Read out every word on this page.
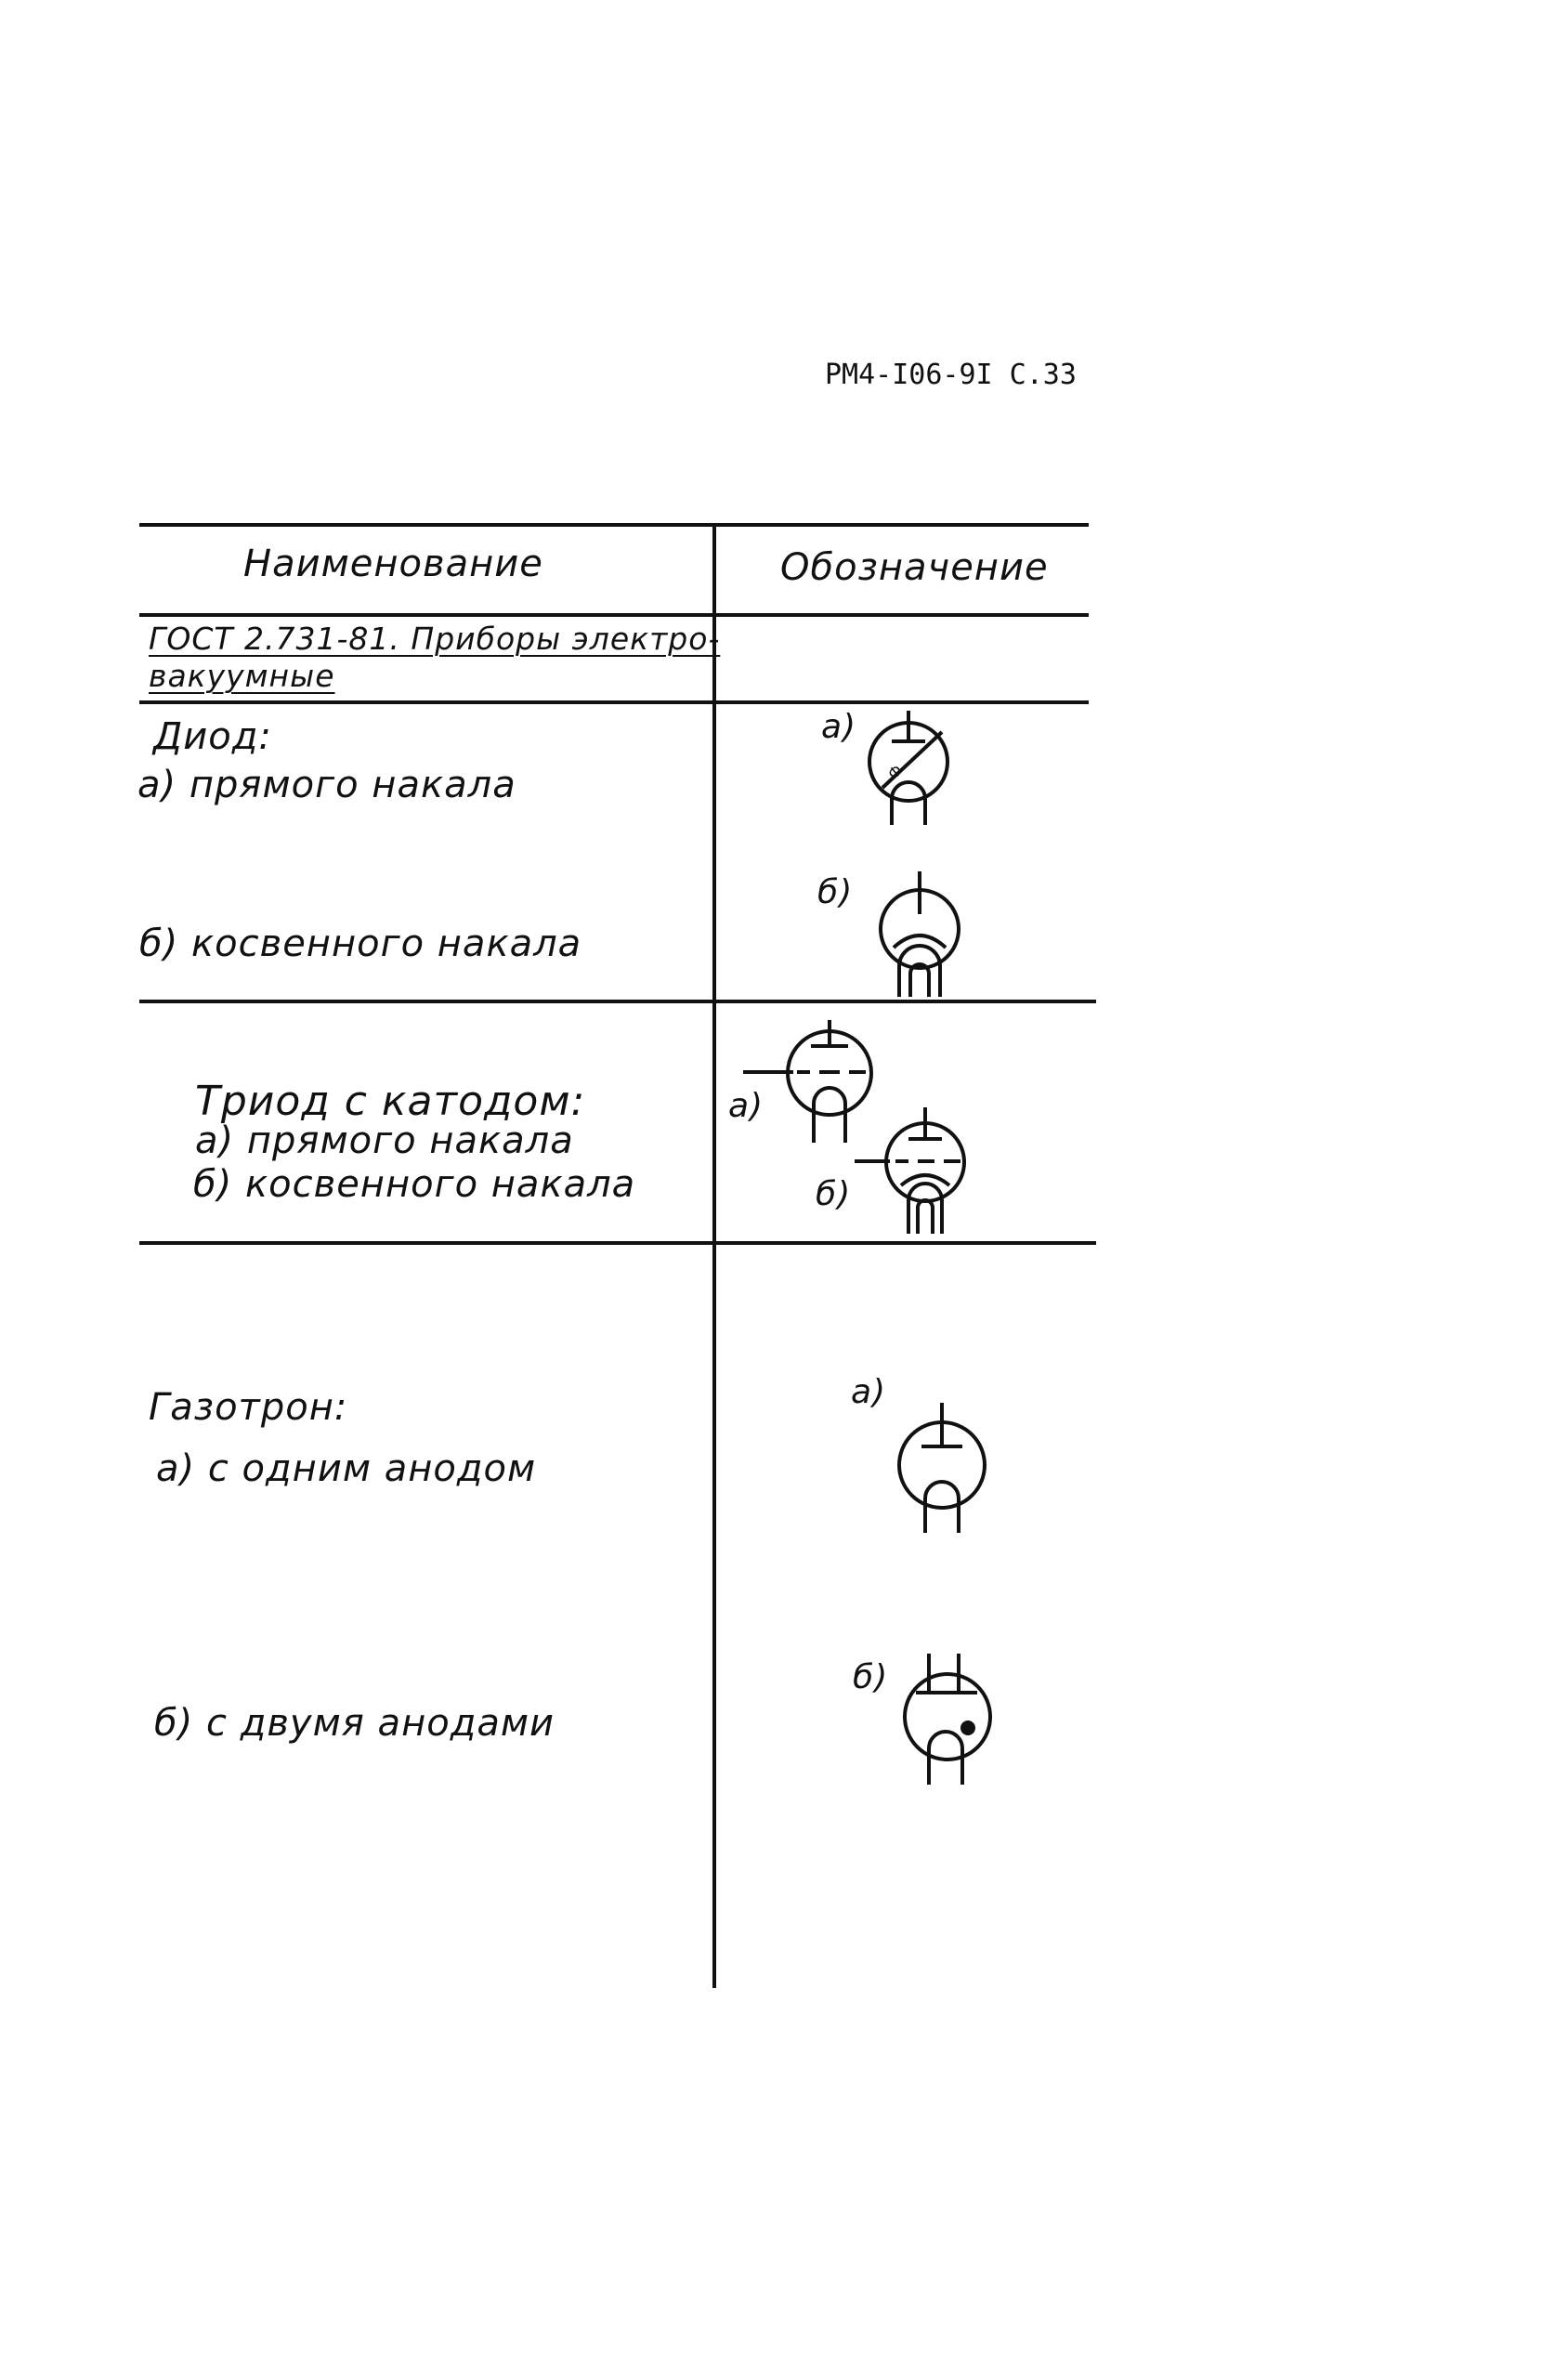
РМ4-I06-9I С.33
Наименование	Обозначение
ГОСТ 2.731-81. Приборы электро-
вакуумные
Диод:
а) прямого накала
б) косвенного накала
а)
б)
Ф
Триод с катодом:
а) прямого накала
б) косвенного накала
а)
б)
Газотрон:
а) с одним анодом
б) с двумя анодами
а)
б)
